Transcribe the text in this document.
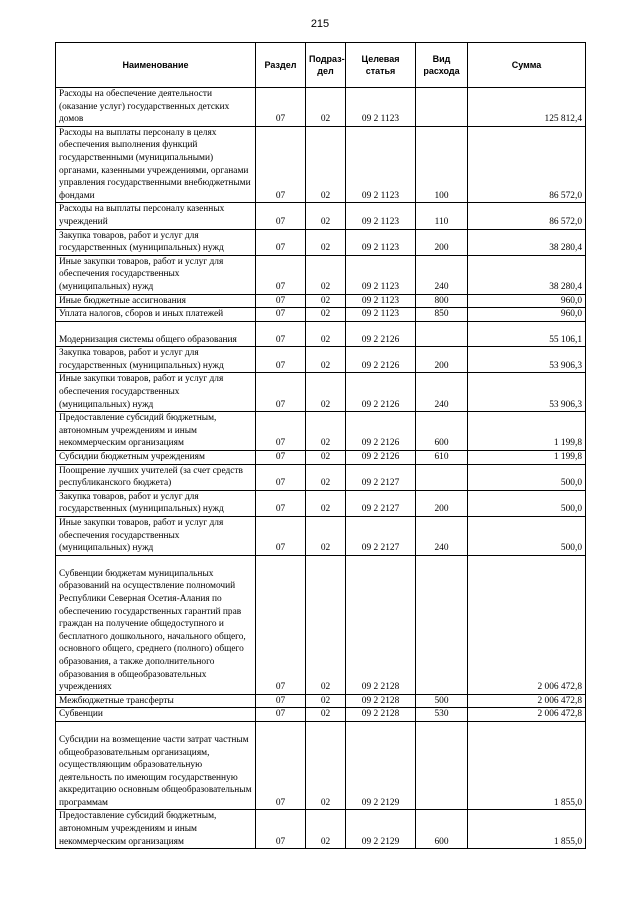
215
Наименование	Раздел	Подраз-дел	Целевая статья	Вид расхода	Сумма
Расходы на обеспечение деятельности (оказание услуг) государственных детских домов	07	02	09 2 1123		125 812,4
Расходы на выплаты персоналу в целях обеспечения выполнения функций государственными (муниципальными) органами, казенными учреждениями, органами управления государственными внебюджетными фондами	07	02	09 2 1123	100	86 572,0
Расходы на выплаты персоналу казенных учреждений	07	02	09 2 1123	110	86 572,0
Закупка товаров, работ и услуг для государственных (муниципальных) нужд	07	02	09 2 1123	200	38 280,4
Иные закупки товаров, работ и услуг для обеспечения государственных (муниципальных) нужд	07	02	09 2 1123	240	38 280,4
Иные бюджетные ассигнования	07	02	09 2 1123	800	960,0
Уплата налогов, сборов и иных платежей	07	02	09 2 1123	850	960,0

Модернизация системы общего образования	07	02	09 2 2126		55 106,1
Закупка товаров, работ и услуг для государственных (муниципальных) нужд	07	02	09 2 2126	200	53 906,3
Иные закупки товаров, работ и услуг для обеспечения государственных (муниципальных) нужд	07	02	09 2 2126	240	53 906,3
Предоставление субсидий бюджетным, автономным учреждениям и иным некоммерческим организациям	07	02	09 2 2126	600	1 199,8
Субсидии бюджетным учреждениям	07	02	09 2 2126	610	1 199,8
Поощрение лучших учителей (за счет средств республиканского бюджета)	07	02	09 2 2127		500,0
Закупка товаров, работ и услуг для государственных (муниципальных) нужд	07	02	09 2 2127	200	500,0
Иные закупки товаров, работ и услуг для обеспечения государственных (муниципальных) нужд	07	02	09 2 2127	240	500,0

Субвенции бюджетам муниципальных образований на осуществление полномочий Республики Северная Осетия-Алания по обеспечению государственных гарантий прав граждан на получение общедоступного и бесплатного дошкольного, начального общего, основного общего, среднего (полного) общего образования, а также дополнительного образования в общеобразовательных учреждениях	07	02	09 2 2128		2 006 472,8
Межбюджетные трансферты	07	02	09 2 2128	500	2 006 472,8
Субвенции	07	02	09 2 2128	530	2 006 472,8

Субсидии на возмещение части затрат частным общеобразовательным организациям, осуществляющим образовательную деятельность по имеющим государственную аккредитацию основным общеобразовательным программам	07	02	09 2 2129		1 855,0
Предоставление субсидий бюджетным, автономным учреждениям и иным некоммерческим организациям	07	02	09 2 2129	600	1 855,0
